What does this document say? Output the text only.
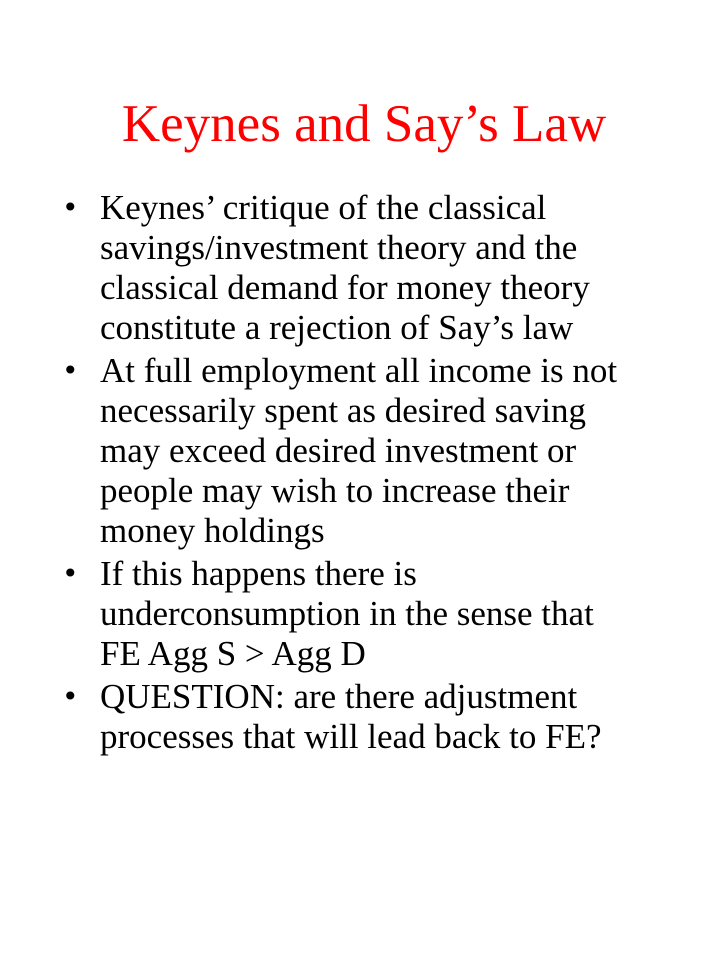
Keynes and Say’s Law
• Keynes’ critique of the classical
savings/investment theory and the
classical demand for money theory
constitute a rejection of Say’s law
• At full employment all income is not
necessarily spent as desired saving
may exceed desired investment or
people may wish to increase their
money holdings
• If this happens there is
underconsumption in the sense that
FE Agg S > Agg D
• QUESTION: are there adjustment
processes that will lead back to FE?
